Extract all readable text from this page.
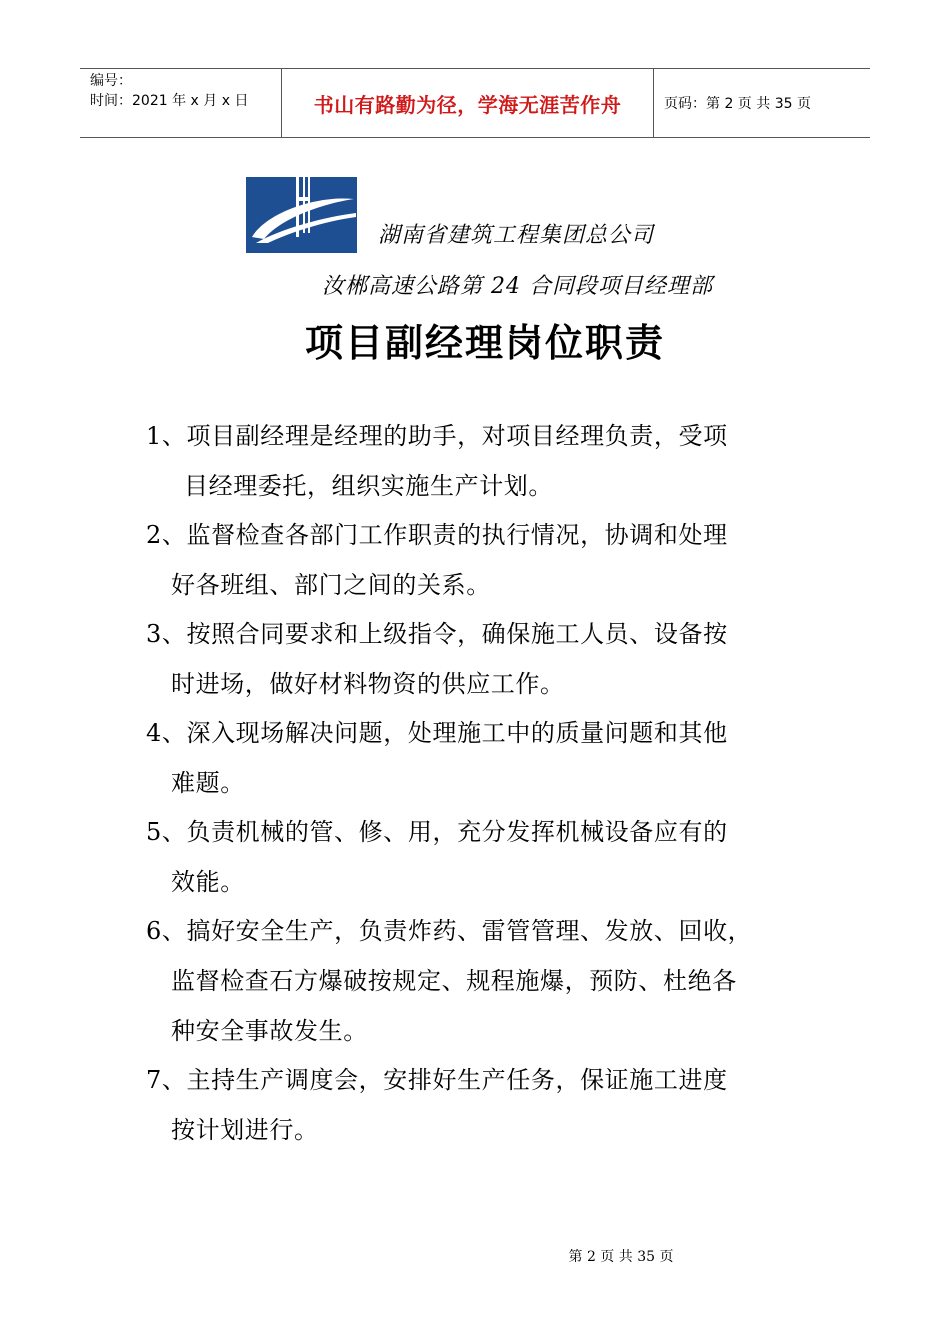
编号：
时间：2021 年 x 月 x 日	书山有路勤为径，学海无涯苦作舟	页码：第 2 页 共 35 页
湖南省建筑工程集团总公司
汝郴高速公路第 24 合同段项目经理部
项目副经理岗位职责
1、项目副经理是经理的助手，对项目经理负责，受项
目经理委托，组织实施生产计划。
2、监督检查各部门工作职责的执行情况，协调和处理
好各班组、部门之间的关系。
3、按照合同要求和上级指令，确保施工人员、设备按
时进场，做好材料物资的供应工作。
4、深入现场解决问题，处理施工中的质量问题和其他
难题。
5、负责机械的管、修、用，充分发挥机械设备应有的
效能。
6、搞好安全生产，负责炸药、雷管管理、发放、回收，
监督检查石方爆破按规定、规程施爆，预防、杜绝各
种安全事故发生。
7、主持生产调度会，安排好生产任务，保证施工进度
按计划进行。
第 2 页 共 35 页
